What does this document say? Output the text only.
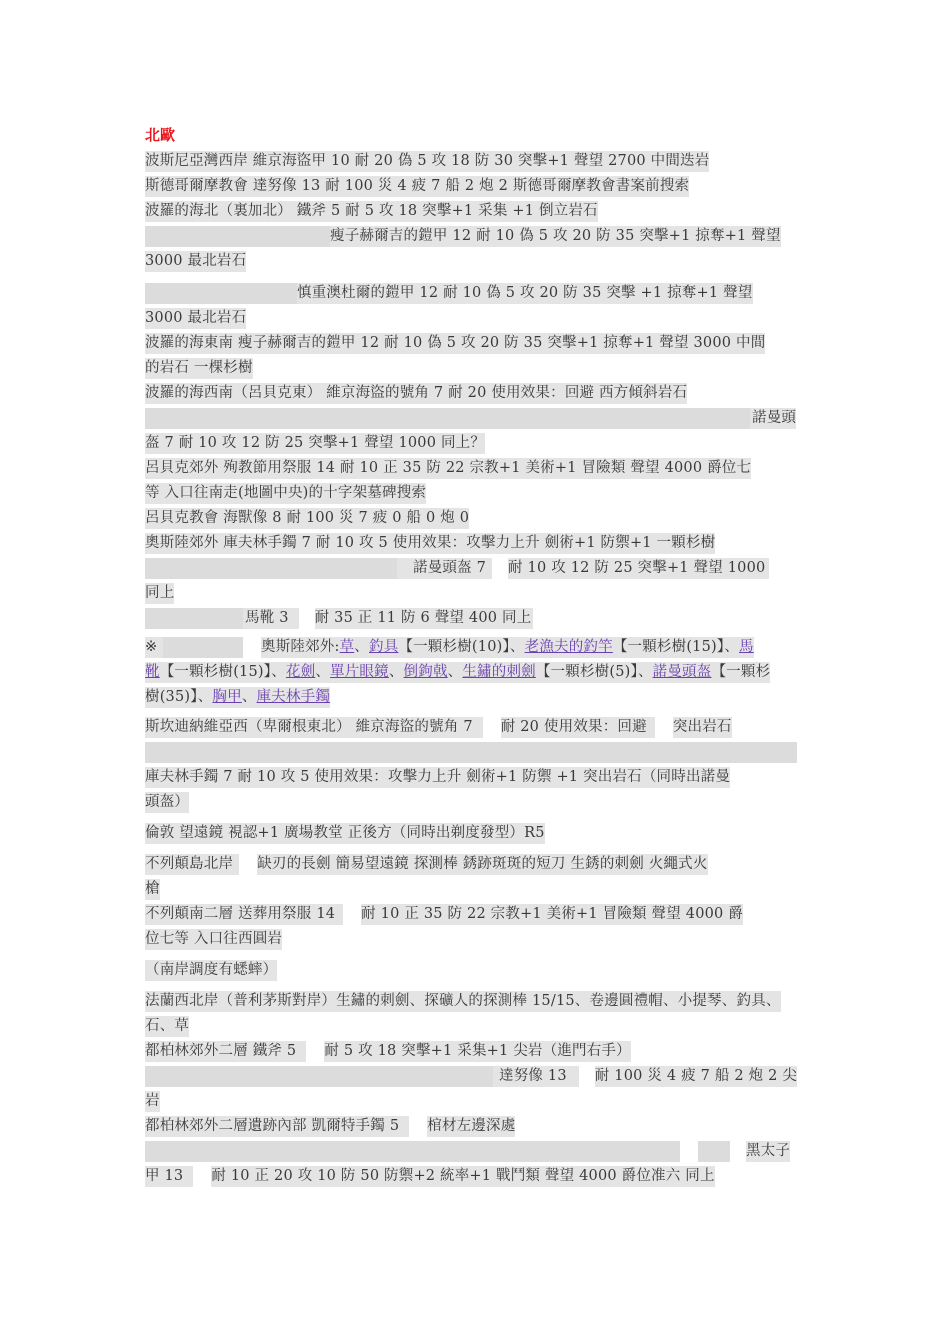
北歐
波斯尼亞灣西岸 維京海盜甲 10 耐 20 偽 5 攻 18 防 30 突擊+1 聲望 2700 中間迭岩
斯德哥爾摩教會 達努像 13 耐 100 災 4 疲 7 船 2 炮 2 斯德哥爾摩教會書案前搜索
波羅的海北（裏加北） 鐵斧 5 耐 5 攻 18 突擊+1 采集 +1 倒立岩石
瘦子赫爾吉的鎧甲 12 耐 10 偽 5 攻 20 防 35 突擊+1 掠奪+1 聲望
3000 最北岩石
慎重澳杜爾的鎧甲 12 耐 10 偽 5 攻 20 防 35 突擊 +1 掠奪+1 聲望
3000 最北岩石
波羅的海東南 瘦子赫爾吉的鎧甲 12 耐 10 偽 5 攻 20 防 35 突擊+1 掠奪+1 聲望 3000 中間
的岩石 一棵杉樹
波羅的海西南（呂貝克東） 維京海盜的號角 7 耐 20 使用效果：回避 西方傾斜岩石
諾曼頭
盔 7 耐 10 攻 12 防 25 突擊+1 聲望 1000 同上？
呂貝克郊外 殉教節用祭服 14 耐 10 正 35 防 22 宗教+1 美術+1 冒險類 聲望 4000 爵位七
等 入口往南走(地圖中央)的十字架墓碑搜索
呂貝克教會 海獸像 8 耐 100 災 7 疲 0 船 0 炮 0
奧斯陸郊外 庫夫林手鐲 7 耐 10 攻 5 使用效果：攻擊力上升 劍術+1 防禦+1 一顆杉樹
諾曼頭盔 7 耐 10 攻 12 防 25 突擊+1 聲望 1000
同上
馬靴 3 耐 35 正 11 防 6 聲望 400 同上
※	奧斯陸郊外:草、釣具【一顆杉樹(10)】、老漁夫的釣竿【一顆杉樹(15)】、馬
靴【一顆杉樹(15)】、花劍、單片眼鏡、倒鉤戟、生鏽的刺劍【一顆杉樹(5)】、諾曼頭盔【一顆杉
樹(35)】、胸甲、庫夫林手鐲
斯坎迪納維亞西（卑爾根東北） 維京海盜的號角 7 耐 20 使用效果：回避 突出岩石
庫夫林手鐲 7 耐 10 攻 5 使用效果：攻擊力上升 劍術+1 防禦 +1 突出岩石（同時出諾曼
頭盔）
倫敦 望遠鏡 視認+1 廣場教堂 正後方（同時出剃度發型）R5
不列顛島北岸 缺刃的長劍 簡易望遠鏡 探測棒 銹跡斑斑的短刀 生銹的刺劍 火繩式火
槍
不列顛南二層 送葬用祭服 14 耐 10 正 35 防 22 宗教+1 美術+1 冒險類 聲望 4000 爵
位七等 入口往西圓岩
（南岸調度有蟋蟀）
法蘭西北岸（普利茅斯對岸）生鏽的刺劍、探礦人的探測棒 15/15、卷邊圓禮帽、小提琴、釣具、
石、草
都柏林郊外二層 鐵斧 5 耐 5 攻 18 突擊+1 采集+1 尖岩（進門右手）
達努像 13 耐 100 災 4 疲 7 船 2 炮 2 尖
岩
都柏林郊外二層遺跡內部 凱爾特手鐲 5 棺材左邊深處
黑太子
甲 13 耐 10 正 20 攻 10 防 50 防禦+2 統率+1 戰鬥類 聲望 4000 爵位准六 同上
